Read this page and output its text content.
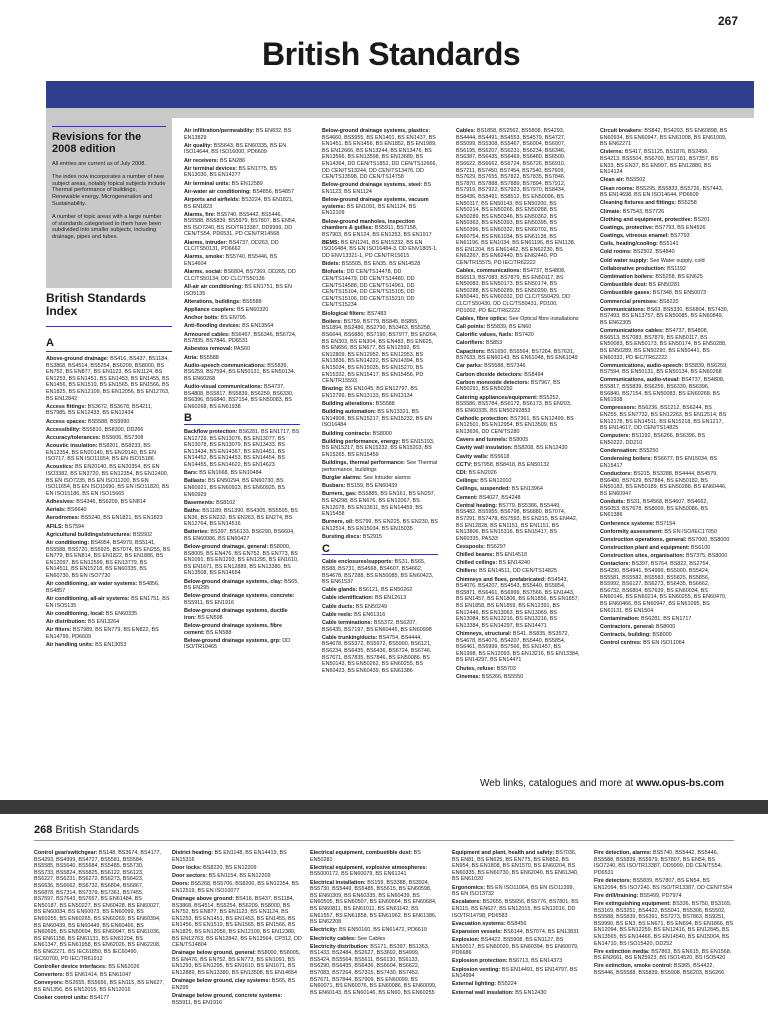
267
British Standards
Revisions for the 2008 edition

All entries are current as of July 2008.

The index now incorporates a number of new subject areas, notably topical subjects include Thermal performance of buildings, Renewable energy, Microgeneration and Sustainability.

A number of topic areas with a large number of standards categorised to them have been subdivided into smaller subjects, including drainage, pipes and tubes.

British Standards Index
A
Above-ground drainage: BS416, BS437, BS1184, BS3868, BS4514, BS5254, BS6209, BS8000, BS EN752, BS EN877, BS EN1123, BS EN1124, BS EN1253, BS EN1451, BS EN1453, BS EN1455, BS EN1456, BS EN1519, BS EN1565, BS EN1566, BS EN1825, BS EN12109, BS EN12056, BS EN12763, BS EN12842
Access fittings: BS3672, BS3678, BS4211, BS7985, BS EN12433, BS EN12434
Access spaces: BS5588, BS9990
Accessibility: BS5810, BS8300, DD266
Accuracy/tolerances: BS5606, BS7308
Acoustic insulation: BS8201, BS8233, BS EN12354, BS EN20140, BS EN20140, BS EN ISO717, BS EN ISO11654, BS EN ISO15186
Acoustics: BS EN20140, BS EN20354, BS EN ISO3382, BS EN3720, BS EN12354, BS EN12400, BS EN ISO7235, BS EN ISO11200, BS EN ISO11654, BS EN ISO11690, BS EN ISO11820, BS EN ISO15186, BS EN ISO15665
Adhesives: BS4346, BS6209, BS EN814
Aerials: BS6640
Aerodromes: BS5240, BS EN1821, BS EN1823
AFILS: BS7594
Agricultural buildings/structures: BS5502
Air conditioning: BS4954, BS4979, BS5141, BS5588, BS5720, BS5925, BS7074, BS EN255, BS EN779, BS EN814, BS EN1822, BS EN1886, BS EN12097, BS EN12599, BS EN13779, BS EN14511, BS EN15218, BS EN60335, BS EN60730, BS EN ISO7730
Air conditioning, air water systems: BS4856, BS4857
Air conditioning, all-air systems: BS EN1751, BS EN ISO5135
Air conditioning, local: BS EN60335
Air distribution: BS EN13264
Air filters: BS7989, BS EN779, BS EN822, BS EN14799, PD6609
Air handling units: BS EN13053
Air infiltration/permeability: BS EN832, BS EN13829
Air quality: BS5643, BS EN60335, BS EN ISO14644, BS ISO16000, PD6609
Air receivers: BS EN286
Air terminal devices: BS EN1775, BS EN13030, BS EN14277
Air terminal units: BS EN12589
Air-water air conditioning: BS4856, BS4857
Airports and airfields: BS3224, BS EN1821, BS EN1823
Alarms, fire: BS5740, BS5442, BS5446, BS5588, BS5839, BS5979, BS7807, BS EN54, BS ISO7240, BS ISO/TR13387, DD9999, DD CEN/TS54, PD6531, PD CEN/TR14568
Alarms, intruder: BS4737, DD263, DD CLC/TS50131, PD6662
Alarms, smoke: BS5740, BS5446, BS EN14604
Alarms, social: BS6804, BS7369, DD265, DD CLC/TS50134, DD CLC/TS50136
All-air air conditioning: BS EN1751, BS EN ISO5135
Alterations, buildings: BS5588
Appliance couplers: BS EN60320
Anchor bolts: BS EN795
Anti-flooding devices: BS EN13564
Armoured cables: BS6467, BS6346, BS6724, BS7835, BS7846, PD6531
Asbestos removal: PAS60
Atria: BS5588
Audio-speech communications: BS5839, BS6259, BS7594, BS EN50131, BS EN50134, BS EN60268
Audio-visual communications: BS4737, BS4808, BS5817, BS5839, BS6259, BS6330, BS6396, BS6840, BS7154, BS EN50083, BS EN60268, BS EN61938
B
Backflow protection: BS6281, BS EN1717, BS EN12729, BS EN13076, BS EN13077, BS EN13078, BS EN13079, BS EN13433, BS EN13434, BS EN14367, BS EN14451, BS EN14452, BS EN14453, BS EN14454, BS EN14455, BS EN14622, BS EN14623
Bars: BS EN1668, BS EN10484
Ballasts: BS EN50294, BS EN60730, BS EN60921, BS EN60923, BS EN60925, BS EN60929
Basements: BS8102
Baths: BS1189, BS1390, BS4305, BS5505, BS EN36, BS EN232, BS EN263, BS EN274, BS EN12764, BS EN14516
Batteries: BS397, BS6133, BS6290, BS6604, BS EN60086, BS EN60427
Below-ground drainage, general: BS8000, BS8005, BS EN476, BS EN752, BS EN773, BS EN1091, BS EN1293, BS EN1295, BS EN1610, BS EN1671, BS EN12889, BS EN13380, BS EN13508, BS EN14654
Below-ground drainage systems, clay: BS65, BS EN295
Below-ground drainage systems, concrete: BS5911, BS EN1916
Below-ground drainage systems, ductile iron: BS EN598
Below-ground drainage systems, fibre cement: BS EN588
Below-ground drainage systems, grp: DD ISO/TR10465
Below-ground drainage systems, plastics: BS4660, BS5955, BS EN1401, BS EN1437, BS EN1451, BS EN1456, BS EN1852, BS EN1989, BS EN12666, BS EN13244, BS EN13476, BS EN13566, BS EN13598, BS EN13689, BS EN14364, DD CEN/TS1852, DD CEN/TS12666, DD CEN/TS13244, DD CEN/TS13476, DD CEN/TS13598, DD CEN/TS14758
Below-ground drainage systems, steel: BS EN1123, BS EN1124
Below-ground drainage systems, vacuum systems: BS EN1091, BS EN1124, BS EN12109
Below-ground manholes, inspection chambers & gullies: BS5911, BS7158, BS7903, BS EN124, BS EN1253, BS EN1917
BEMS: BS EN1241, BS EN15232, BS EN ISO16484, BS EN ISO16484-3, DD ENV1805-1, DD ENV13321-1, PD CEN/TR15615
Bidets: BS5505, BS EN35, BS EN14528
Biofuels: DD CEN/TS14478, DD CEN/TS14479, DD CEN/TS14480, DD CEN/TS14588, DD CEN/TS14961, DD CEN/TS15104, DD CEN/TS15105, DD CEN/TS15106, DD CEN/TS15210, DD CEN/TS15234
Biological filters: BS7483
Boilers: BS759, BS779, BS845, BS855, BS1894, BS2486, BS2790, BS3463, BS5258, BS6644, BS6880, BS7190, BS7977, BS EN264, BS EN303, BS EN304, BS EN483, BS EN625, BS EN656, BS EN677, BS EN12592, BS EN12809, BS EN12952, BS EN12953, BS EN13836, BS EN14222, BS EN14394, BS EN15034, BS EN15035, BS EN15270, BS EN15332, BS EN15417, BS EN15456, PD CEN/TR15593
Brazing: BS EN1045, BS EN12797, BS EN12799, BS EN13133, BS EN13134
Building alterations: BS5588
Building automation: BS EN13321, BS EN14908, BS EN15217, BS EN15232, BS EN ISO16484
Building contracts: BS8000
Building performance, energy: BS EN15193, BS EN15217, BS EN15232, BS EN15203, BS EN15265, BS EN15459
Buildings, thermal performance: See Thermal performance, buildings
Burglar alarms: See Intruder alarms
Busbars: BS159, BS EN60439
Burners, gas: BS5885, BS EN161, BS EN297, BS EN298, BS EN676, BS EN12067, BS EN12078, BS EN13611, BS EN14459, BS EN15458
Burners, oil: BS799, BS EN225, BS EN230, BS EN12514, BS EN15034, BS EN15035
Bursting discs: BS2915
C
Cable enclosures/supports: BS31, BS65, BS88, BS731, BS4568, BS4607, BS4662, BS4678, BS7288, BS EN50085, BS EN60423, BS EN61537
Cable glands: BS6121, BS EN50262
Cable identification: BS EN12613
Cable ducts: BS EN50249
Cable reels: BS EN61316
Cable terminations: BS5372, BS6207, BS6435, BS7197, BS EN60445, BS EN60998
Cable trunking/ducts: BS4754, BS4444, BS4678, BS5372, BS5972, BS5990, BS6121, BS6234, BS6435, BS6436, BS6724, BS6746, BS7671, BS7835, BS7846, BS EN50086, BS EN50143, BS EN50262, BS EN60255, BS EN60423, BS EN60439, BS EN61386
Cables: BS1858, BS2562, BS5808, BS4293, BS4444, BS4491, BS4553, BS4579, BS4727, BS5099, BS5308, BS5467, BS6004, BS6007, BS6195, BS6207, BS6231, BS6234, BS6346, BS6387, BS6435, BS6469, BS6480, BS6500, BS6622, BS6662, BS6724, BS6726, BS6910, BS7211, BS7450, BS7454, BS7540, BS7609, BS7629, BS7655, BS7822, BS7835, BS7846, BS7870, BS7888, BS7889, BS7894, BS7912, BS7919, BS7922, BS7923, BS7970, BS8434, BS8436, BS8491, BS8512, BS EN50096, BS EN50117, BS EN50143, BS EN50200, BS EN50214, BS EN50266, BS EN50288, BS EN50289, BS EN50346, BS EN50362, BS EN50363, BS EN50393, BS EN50395, BS EN50396, BS EN60332, BS EN60702, BS EN60754, BS EN61034, BS EN61138, BS EN61196, BS EN1034, BS EN61196, BS EN1138, BS EN1204, BS EN61462, BS EN62230, BS EN62267, BS EN62440, BS EN62440, PD CEN/TR15575, PD IEC/TR62222
Cables, communications: BS4737, BS4808, BS6513, BS7083, BS7879, BS EN50117, BS EN50083, BS EN50173, BS EN50174, BS EN50288, BS EN50289, BS EN50290, BS EN50441, BS EN60332, DD CLC/TS50429, DD CLC/TS50430, DD CLC/TS50431, PD100, PD1002, PD IEC/TR62222
Cables, fibre optics: See Optical fibre installations
Call points: BS5839, BS EN60
Calorific values, fuels: BS7420
Calorifiers: BS853
Capacitors: BS1650, BS5564, BS7264, BS7631, BS7633, BS EN60143, BS EN61048, BS EN61049
Car parks: BS5588, BS7346
Carbon dioxide detectors: BS8494
Carbon monoxide detectors: BS7967, BS EN50291, BS EN50292
Catering appliances/equipment: BS5252, BS5586, BS5784, BS6172, BS6173, BS EN203, BS EN60335, BS EN50292853
Cathodic protection: BS7361, BS EN12499, BS EN12501, BS EN12954, BS EN13509, BS EN13636, DD CEN/TS280
Cavers and tunnels: BS8005
Cavity wall insulation: BS8208, BS EN12430
Cavity walls: BS5618
CCTV: BS7958, BS8418, BS EN50132
CDI: BS EN2026
Ceilings: BS EN12010
Ceilings, suspended: BS EN13964
Cement: BS4027, BS4248
Central heating: BS779, BS5386, BS5449, BS5482, BS5955, BS6798, BS6880, BS7074, BS7291, BS7478, BS7593, BS EN215, BS EN442, BS EN12828, BS EN1151, BS EN1151, BS EN13806, BS EN15316, BS EN15417, BS EN60335, PAS33
Cesspools: BS6297
Chilled beams: BS EN14518
Chilled ceilings: BS EN14240
Chillers: BS EN14511, DD CEN/TS14825
Chimneys and flues, prefabricated: BS4543, BS4076, BS4207, BS4543, BS5440, BS5854, BS5871, BS6461, BS6999, BS7566, BS EN1443, BS EN1457, BS EN1806, BS EN1856, BS EN1857, BS EN1858, BS EN1859, BS EN12391, BS EN12446, BS EN13063, BS EN13069, BS EN13084, BS EN13216, BS EN13216, BS EN13384, BS EN14297, BS EN14471
Chimneys, structural: BS41, BS835, BS3572, BS4678, BS4076, BS4207, BS5440, BS5854, BS6461, BS6999, BS7566, BS EN1457, BS EN1998, BS EN12093, BS EN13216, BS EN13384, BS EN14297, BS EN14471
Chutes, refuse: BS5703
Cinemas: BS5266, BS5550
Circuit breakers: BS842, BS4293, BS EN60898, BS EN60934, BS EN60947, BS EN61008, BS EN61009, BS EN62271
Cisterns: BS417, BS1125, BS1876, BS2456, BS4213, BS5504, BS6700, BS7181, BS7357, BS EN33, BS EN37, BS EN997, BS EN12880, BS EN14124
Clean air: BS5502
Clean rooms: BS5295, BS5833, BS5726, BS7443, BS EN14698, BS EN ISO14644, PD6609
Cleaning fixtures and fittings: BS5258
Climate: BS7543, BS7726
Clothing and equipment, protective: BS201
Coatings, protective: BS7793, BS EN4526
Coatings, vitreous enamel: BS7793
Coils, heating/cooling: BS5141
Cold rooms: BS2502, BS4840
Cold water supply: See Water supply, cold
Collaborative production: BS1192
Combination boilers: BS5258, BS EN625
Combustible dust: BS EN50281
Combustible gases: BS7348, BS EN50073
Commercial premises: BS8220
Communications: BS63, BS5330, BS6804, BS7430, BS7493, BS EN13757, BS EN50085, BS EN60849, BS EN62305
Communications cables: BS4737, BS4808, BS6513, BS7083, BS7879, BS EN50117, BS EN50083, BS EN50173, BS EN50174, BS EN50288, BS EN50289, BS EN50290, BS EN50441, BS EN60332, PD IEC/TR62222
Communications, audio-speech: BS5839, BS6259, BS7594, BS EN50131, BS EN50134, BS EN60268
Communications, audio-visual: BS4737, BS4808, BS5817, BS5839, BS6259, BS6330, BS6396, BS6840, BS7154, BS EN50083, BS EN60268, BS EN61938
Compressors: BS6236, BS1212, BS6244, BS EN255, BS EN7732, BS EN12263, BS EN12514, BS EN12178, BS EN14511, BS EN15218, BS EN1217, BS EN14617, DD CEN/TS14825
Computers: BS1192, BS6266, BS6396, BS EN50222, DD210
Condensation: BS5250
Condensing boilers: BS6677, BS EN15034, BS EN15417
Conductors: BS215, BS3288, BS4444, BS4579, BS6480, BS7629, BS7884, BS EN50182, BS EN50183, BS EN50189, BS EN50288, BS EN60446, BS EN60947
Conduits: BS31, BS4568, BS4607, BS4662, BS6053, BS7678, BS8009, BS EN50086, BS EN61386
Conference systems: BS7154
Conformity assessment: BS EN ISO/IEC17050
Construction operations, general: BS7000, BS8000
Construction plant and equipment: BS6100
Construction sites, organisation: BS7375, BS8000
Contactors: BS397, BS764, BS822, BS2754, BS4290, BS4941, BS4999, BS5000, BS5424, BS5581, BS5582, BS5583, BS5825, BS5856, BS5992, BS6127, BS6273, BS6435, BS6662, BS6732, BS6804, BS7639, BS EN60034, BS EN60146, BS EN60214, BS EN60255, BS EN60470, BS EN60466, BS EN60947, BS EN61095, BS EN61131, BS EN1504
Contamination: BS6281, BS EN1717
Contractors, general: BS8000
Contracts, building: BS8000
Control centres: BS EN ISO11064
Web links, catalogues and more at www.opus-bs.com
268 British Standards
Control gear/switchgear: BS148, BS3674, BS4177, BS4293, BS4999, BS4727, BS5581, BS5584, BS5585, BS5640, BS5684, BS5485, BS5730, BS5733, BS5824, BS5825, BS6122, BS6123, BS6227, BS6231, BS6272, BS6273, BS6423, BS6636, BS6662, BS6732, BS6804, BS6867, BS6878, BS7314, BS7379, BS7361, BS7455, BS7597, BS7643, BS7657, BS EN61484, BS EN50187, BS EN50227, BS EN60428, BS EN60027, BS EN60034, BS EN60073, BS EN60099, BS EN60255, BS EN60265, BS EN60269, BS EN60394, BS EN60439, BS EN60449, BS EN60466, BS EN60695, BS EN60694, BS EN60947, BS EN61036, BS EN61158, BS EN61131, BS EN61204, BS EN61347, BS EN61958, BS EN62026, BS EN62208, BS EN62271, BS IEC61850, BS IEC60490, IEC60700, PD IEC/TR61912
Controller device interfaces: BS EN62026
Converters: BS EN61414, BS EN61047
Conveyors: BS2655, BS5656, BS EN115, BS EN627, BS EN1356, BS EN12015, BS EN12016
Cooker control units: BS4177
District heating: BS EN1148, BS EN14419, BS EN15316
Door locks: BS8220, BS EN12209
Door sectors: BS EN1154, BS EN12209
Doors: BS5268, BS5706, BS8200, BS EN12354, BS EN12519, BS EN ISO10077
Drainage above ground: BS416, BS437, BS1184, BS3868, BS4514, BS5254, BS6209, BS8000, BS EN752, BS EN877, BS EN1123, BS EN1124, BS EN1253, BS EN1451, BS EN1453, BS EN1455, BS EN1456, BS EN1519, BS EN1565, BS EN1566, BS EN1825, BS EN12056, BS EN12109, BS EN12380, BS EN12763, BS EN12842, BS EN13564, CP312, DD CEN/TS14804
Drainage below ground, general: BS8000, BS8005, BS EN476, BS EN752, BS EN773, BS EN1091, BS EN1293, BS EN1295, BS EN1610, BS EN1671, BS EN12889, BS EN13380, BS EN13508, BS EN14654
Drainage below ground, clay systems: BS65, BS EN295
Drainage below ground, concrete systems: BS5911, BS EN1916
Electrical equipment, combustible dust: BS EN50281
Electrical equipment, explosive atmospheres: BS5000172, BS EN60079, BS EN61241
Electrical installation: BS159, BS3388, BS3924, BS5730, BS5449, BS5485, BS5615, BS EN60598, BS EN60309, BS EN60335, BS EN60439, BS EN60505, BS EN60507, BS EN60664, BS EN60684, BS EN60811, BS EN61011, BS EN61142, BS EN61557, BS EN61858, BS EN61962, BS EN61386, BS EN62208
Electricity: BS EN50160, BS EN61472, PD6619
Electricity cables: See Cables
Electricity distribution: BS171, BS397, BS1363, BS1433, BS2484, BS2627, BS3692, BS4999, BS5424, BS5564, BS5611, BS6130, BS6133, BS6290, BS6435, BS6436, BS6604, BS6622, BS7083, BS7264, BS7315, BS7430, BS7452, BS7671, BS7844, BS7909, BS EN60099, BS EN60071, BS EN60076, BS EN60086, BS EN60099, BS EN60143, BS EN60146, BS EN60, BS EN60255
Equipment and plant, health and safety: BS7036, BS EN81, BS EN625, BS EN775, BS EN852, BS EN954, BS EN1808, BS EN1570, BS EN60204, BS EN60335, BS EN60730, BS EN62040, BS EN61340, BS EN61020
Ergonomics: BS EN ISO11064, BS EN ISO11399, BS EN ISO13732
Escalators: BS2655, BS5656, BS5776, BS7801, BS EN115, BS EN627, BS EN12015, BS EN12016, DD ISO/TR14798, PD6583
Evacuation systems: BS8456
Expansion vessels: BS6144, BS7074, BS EN13831
Explosion: BS4422, BS5908, BS EN1127, BS EN50017, BS EN60020, BS EN60394, BS EN60079, PD6686
Explosion protection: BS6713, BS EN14373
Explosion venting: BS EN14491, BS EN14797, BS EN14994
External lighting: BS5224
External wall insulation: BS EN12430
Fire detection, alarms: BS5740, BS5442, BS5446, BS5588, BS5839, BS5979, BS7807, BS EN54, BS ISO7240, BS ISO/TR13387, DD9999, DD CEN/TS54, PD6531
Fire detectors: BS5839, BS7807, BS EN54, BS EN12094, BS ISO7240, BS ISO/TR13387, DD CEN/TS54
Fire drill/training: BS5499, PD7974
Fire extinguishing equipment: BS336, BS750, BS3165, BS3169, BS3251, BS4422, BS5041, BS5306, BS5502, BS5588, BS5839, BS6391, BS7273, BS7863, BS9251, BS9990, BS EN3, BS EN671, BS EN694, BS EN1866, BS EN12094, BS EN12259, BS EN12416, BS EN12845, BS EN13565, BS EN14466, BS EN14540, BS EN15004, BS EN14710, BS ISO15420, DD252
Fire extinction media: BS7863, BS EN615, BS EN1568, BS EN2661, BS EN25923, BS ISO14520, BS ISO5420
Fire extinction, smoke control: BS365, BS4422, BS5446, BS5588, BS5839, BS5908, BS6203, BS6266
